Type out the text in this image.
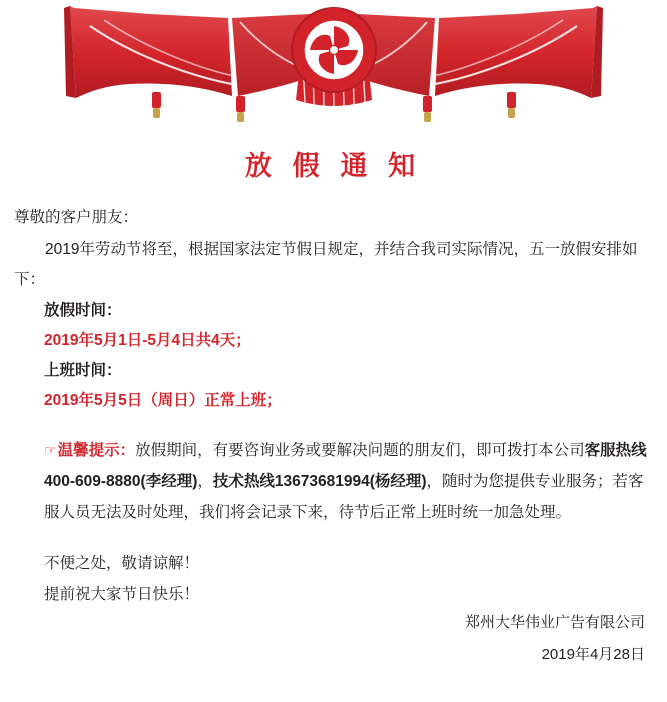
放 假 通 知

尊敬的客户朋友：

2019年劳动节将至，根据国家法定节假日规定，并结合我司实际情况，五一放假安排如下：

放假时间：

2019年5月1日-5月4日共4天；

上班时间：

2019年5月5日（周日）正常上班；

☞温馨提示：放假期间，有要咨询业务或要解决问题的朋友们，即可拨打本公司客服热线400-609-8880(李经理)，技术热线13673681994(杨经理)，随时为您提供专业服务；若客服人员无法及时处理，我们将会记录下来，待节后正常上班时统一加急处理。

不便之处，敬请谅解！

提前祝大家节日快乐！

郑州大华伟业广告有限公司
2019年4月28日
